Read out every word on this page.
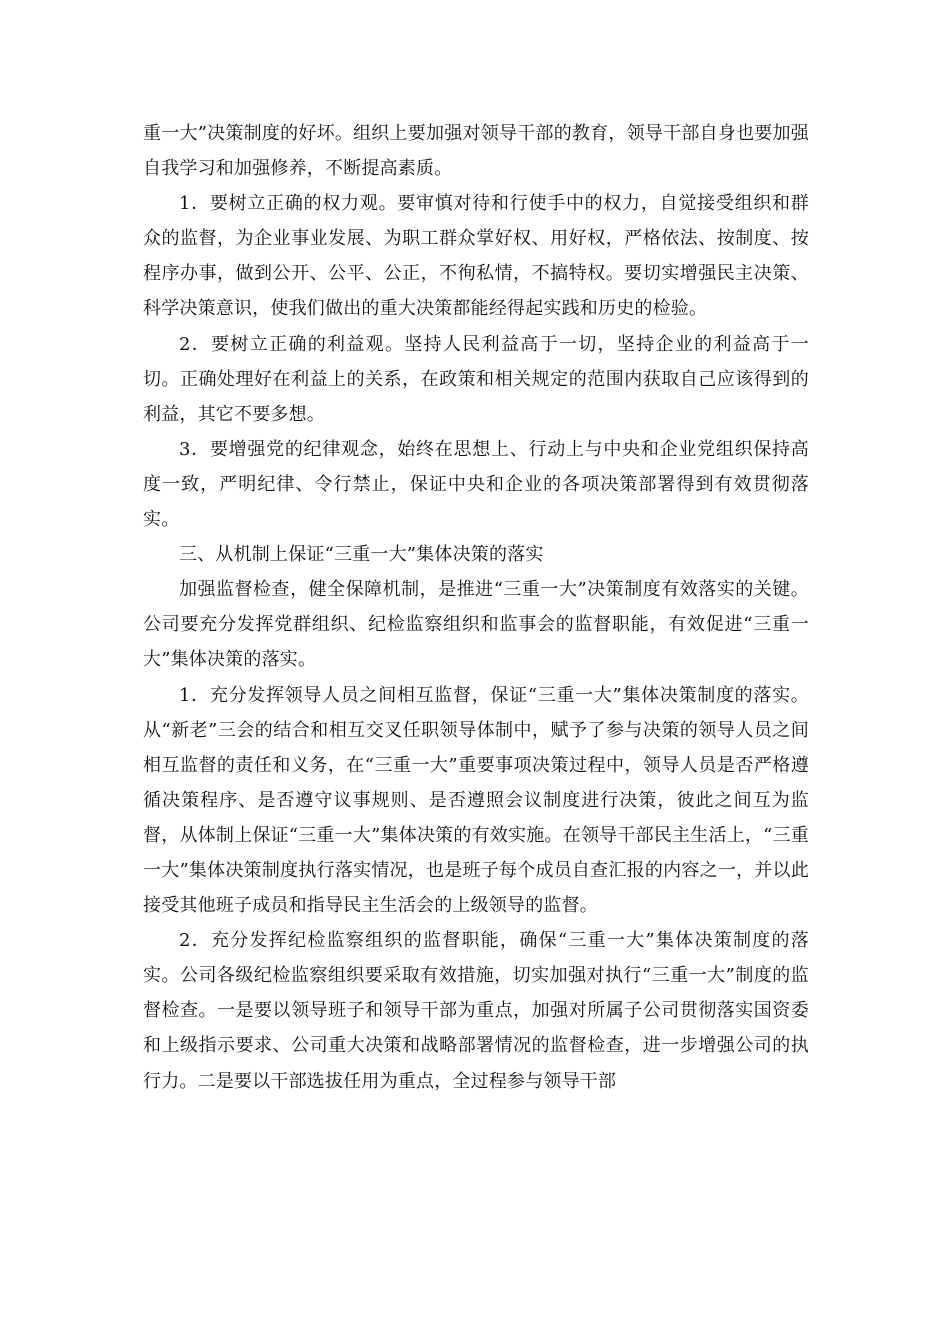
重一大”决策制度的好坏。组织上要加强对领导干部的教育，领导干部自身也要加强自我学习和加强修养，不断提高素质。

1．要树立正确的权力观。要审慎对待和行使手中的权力，自觉接受组织和群众的监督，为企业事业发展、为职工群众掌好权、用好权，严格依法、按制度、按程序办事，做到公开、公平、公正，不徇私情，不搞特权。要切实增强民主决策、科学决策意识，使我们做出的重大决策都能经得起实践和历史的检验。

2．要树立正确的利益观。坚持人民利益高于一切，坚持企业的利益高于一切。正确处理好在利益上的关系，在政策和相关规定的范围内获取自己应该得到的利益，其它不要多想。

3．要增强党的纪律观念，始终在思想上、行动上与中央和企业党组织保持高度一致，严明纪律、令行禁止，保证中央和企业的各项决策部署得到有效贯彻落实。

三、从机制上保证“三重一大”集体决策的落实

加强监督检查，健全保障机制，是推进“三重一大”决策制度有效落实的关键。公司要充分发挥党群组织、纪检监察组织和监事会的监督职能，有效促进“三重一大”集体决策的落实。

1．充分发挥领导人员之间相互监督，保证“三重一大”集体决策制度的落实。从“新老”三会的结合和相互交叉任职领导体制中，赋予了参与决策的领导人员之间相互监督的责任和义务，在“三重一大”重要事项决策过程中，领导人员是否严格遵循决策程序、是否遵守议事规则、是否遵照会议制度进行决策，彼此之间互为监督，从体制上保证“三重一大”集体决策的有效实施。在领导干部民主生活上，“三重一大”集体决策制度执行落实情况，也是班子每个成员自查汇报的内容之一，并以此接受其他班子成员和指导民主生活会的上级领导的监督。

2．充分发挥纪检监察组织的监督职能，确保“三重一大”集体决策制度的落实。公司各级纪检监察组织要采取有效措施，切实加强对执行“三重一大”制度的监督检查。一是要以领导班子和领导干部为重点，加强对所属子公司贯彻落实国资委和上级指示要求、公司重大决策和战略部署情况的监督检查，进一步增强公司的执行力。二是要以干部选拔任用为重点，全过程参与领导干部
